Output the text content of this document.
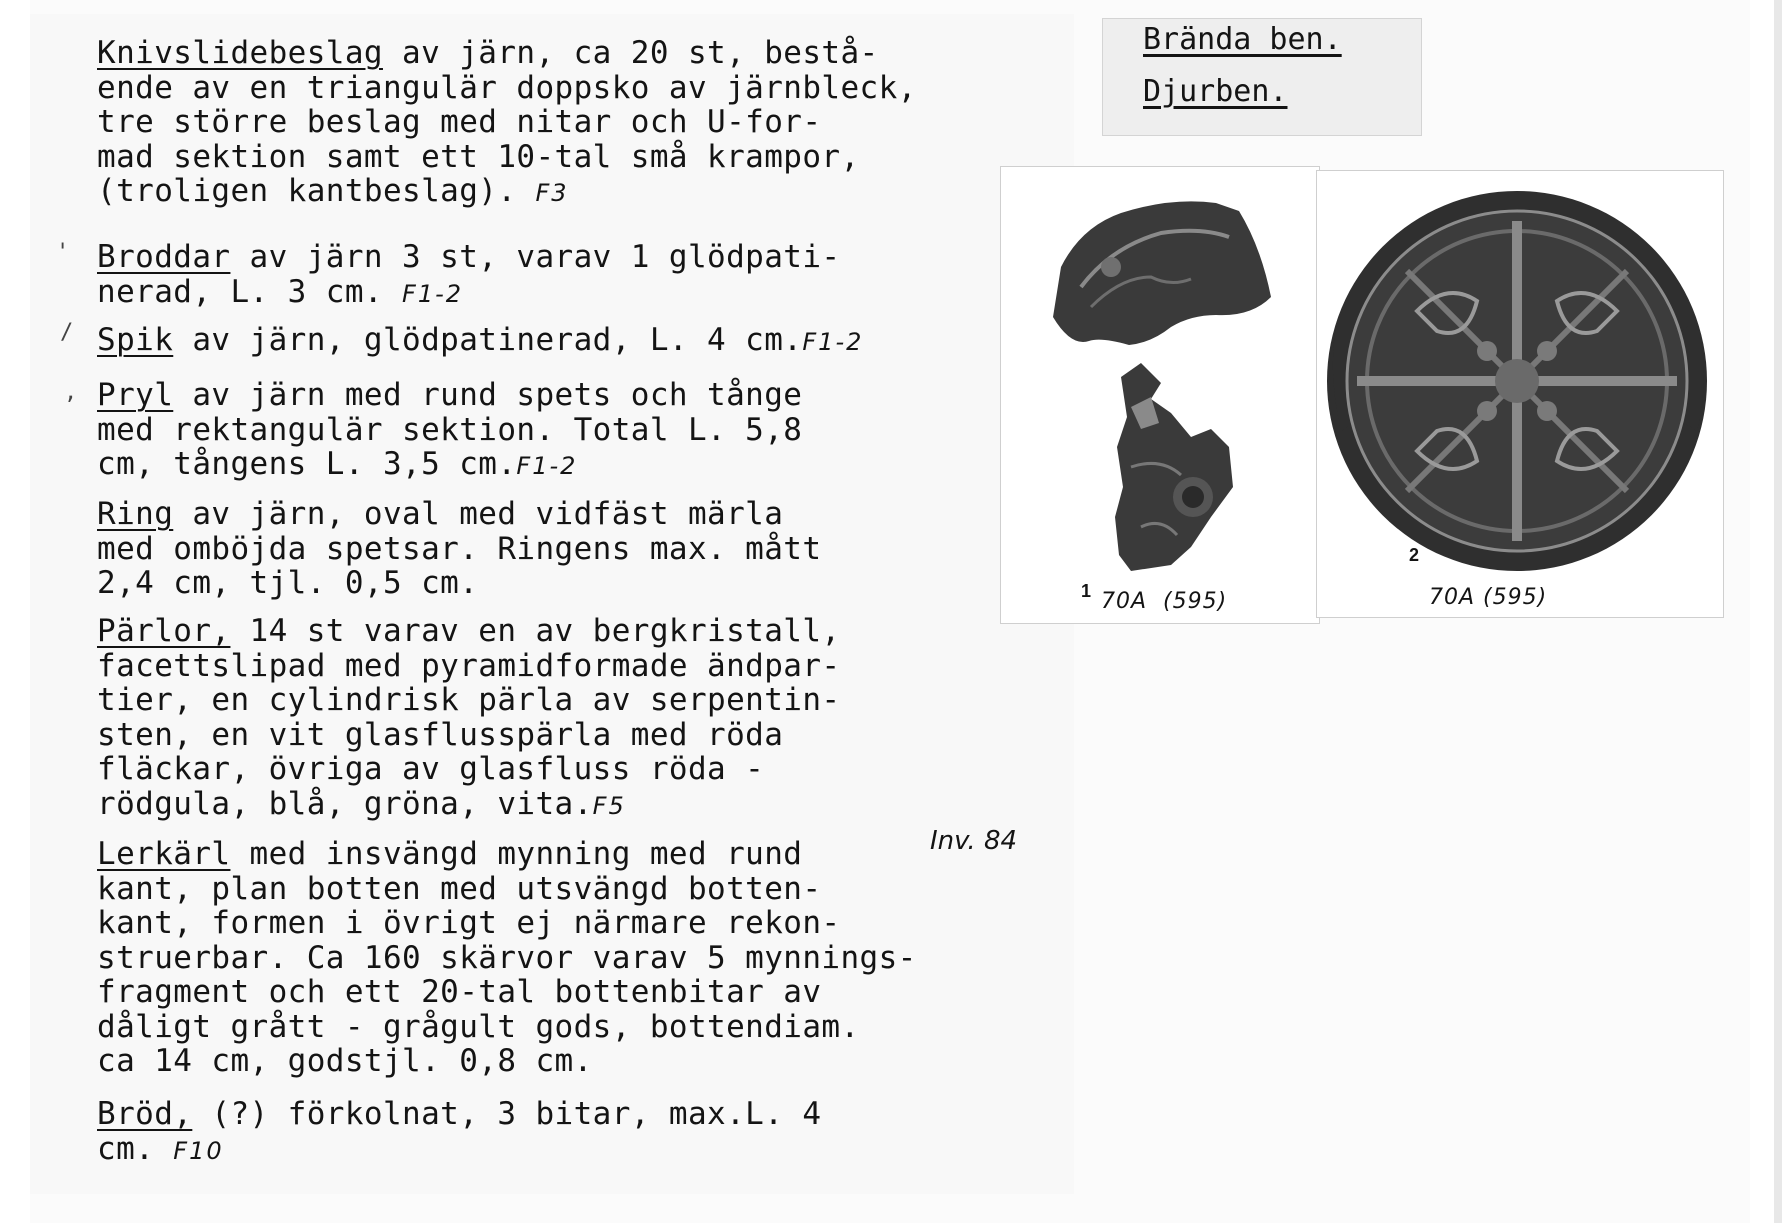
Knivslidebeslag av järn, ca 20 st, bestå-
ende av en triangulär doppsko av järnbleck,
tre större beslag med nitar och U-for-
mad sektion samt ett 10-tal små krampor,
(troligen kantbeslag). F3
Broddar av järn 3 st, varav 1 glödpati-
nerad, L. 3 cm. F1-2
Spik av järn, glödpatinerad, L. 4 cm.F1-2
Pryl av järn med rund spets och tånge
med rektangulär sektion. Total L. 5,8
cm, tångens L. 3,5 cm.F1-2
Ring av järn, oval med vidfäst märla
med omböjda spetsar. Ringens max. mått
2,4 cm, tjl. 0,5 cm.
Pärlor, 14 st varav en av bergkristall,
facettslipad med pyramidformade ändpar-
tier, en cylindrisk pärla av serpentin-
sten, en vit glasflusspärla med röda
fläckar, övriga av glasfluss röda -
rödgula, blå, gröna, vita.F5
Lerkärl med insvängd mynning med rund
kant, plan botten med utsvängd botten-
kant, formen i övrigt ej närmare rekon-
struerbar. Ca 160 skärvor varav 5 mynnings-
fragment och ett 20-tal bottenbitar av
dåligt grått - grågult gods, bottendiam.
ca 14 cm, godstjl. 0,8 cm.
Bröd, (?) förkolnat, 3 bitar, max.L. 4
cm. F10
'
/
,
Inv. 84
Brända ben.
Djurben.
1 70A  (595)
2
70A (595)
